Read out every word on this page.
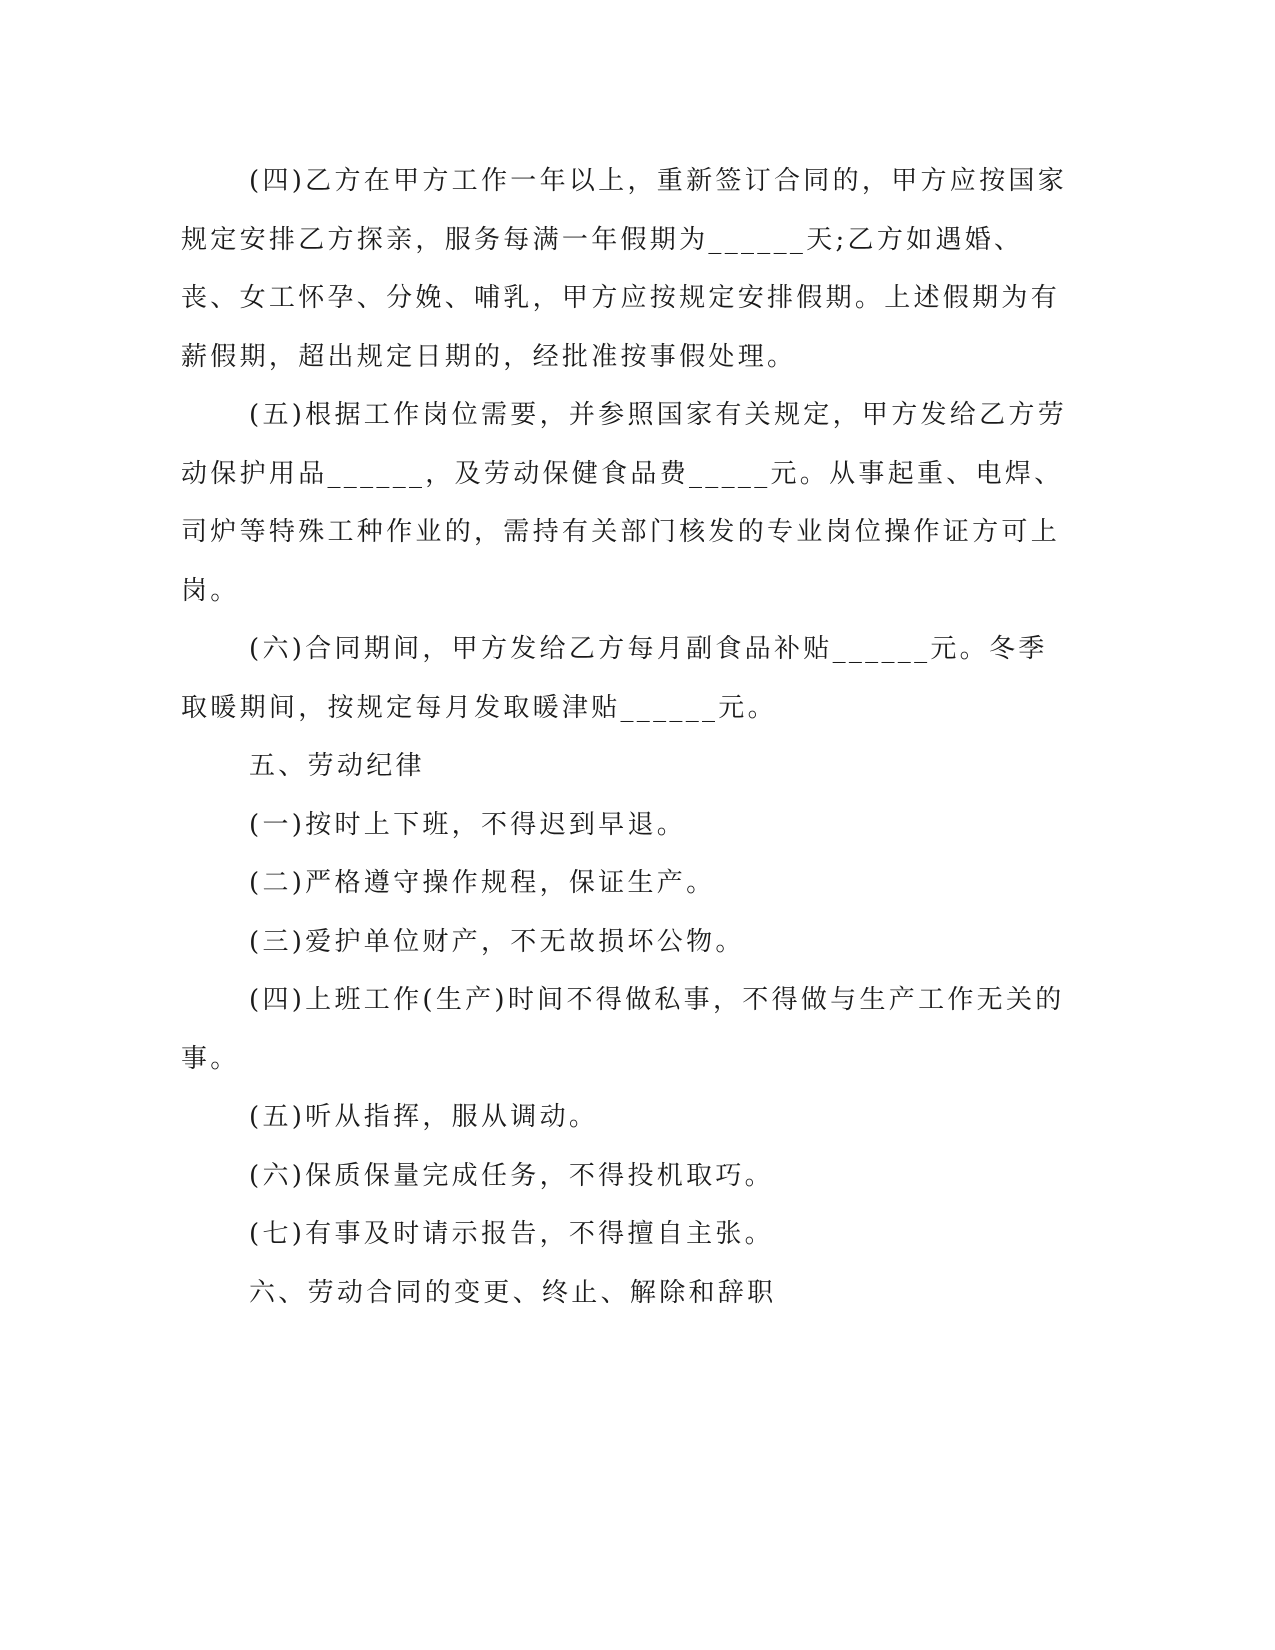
(四)乙方在甲方工作一年以上，重新签订合同的，甲方应按国家规定安排乙方探亲，服务每满一年假期为______天;乙方如遇婚、丧、女工怀孕、分娩、哺乳，甲方应按规定安排假期。上述假期为有薪假期，超出规定日期的，经批准按事假处理。

(五)根据工作岗位需要，并参照国家有关规定，甲方发给乙方劳动保护用品______，及劳动保健食品费_____元。从事起重、电焊、司炉等特殊工种作业的，需持有关部门核发的专业岗位操作证方可上岗。

(六)合同期间，甲方发给乙方每月副食品补贴______元。冬季取暖期间，按规定每月发取暖津贴______元。

五、劳动纪律

(一)按时上下班，不得迟到早退。

(二)严格遵守操作规程，保证生产。

(三)爱护单位财产，不无故损坏公物。

(四)上班工作(生产)时间不得做私事，不得做与生产工作无关的事。

(五)听从指挥，服从调动。

(六)保质保量完成任务，不得投机取巧。

(七)有事及时请示报告，不得擅自主张。

六、劳动合同的变更、终止、解除和辞职
